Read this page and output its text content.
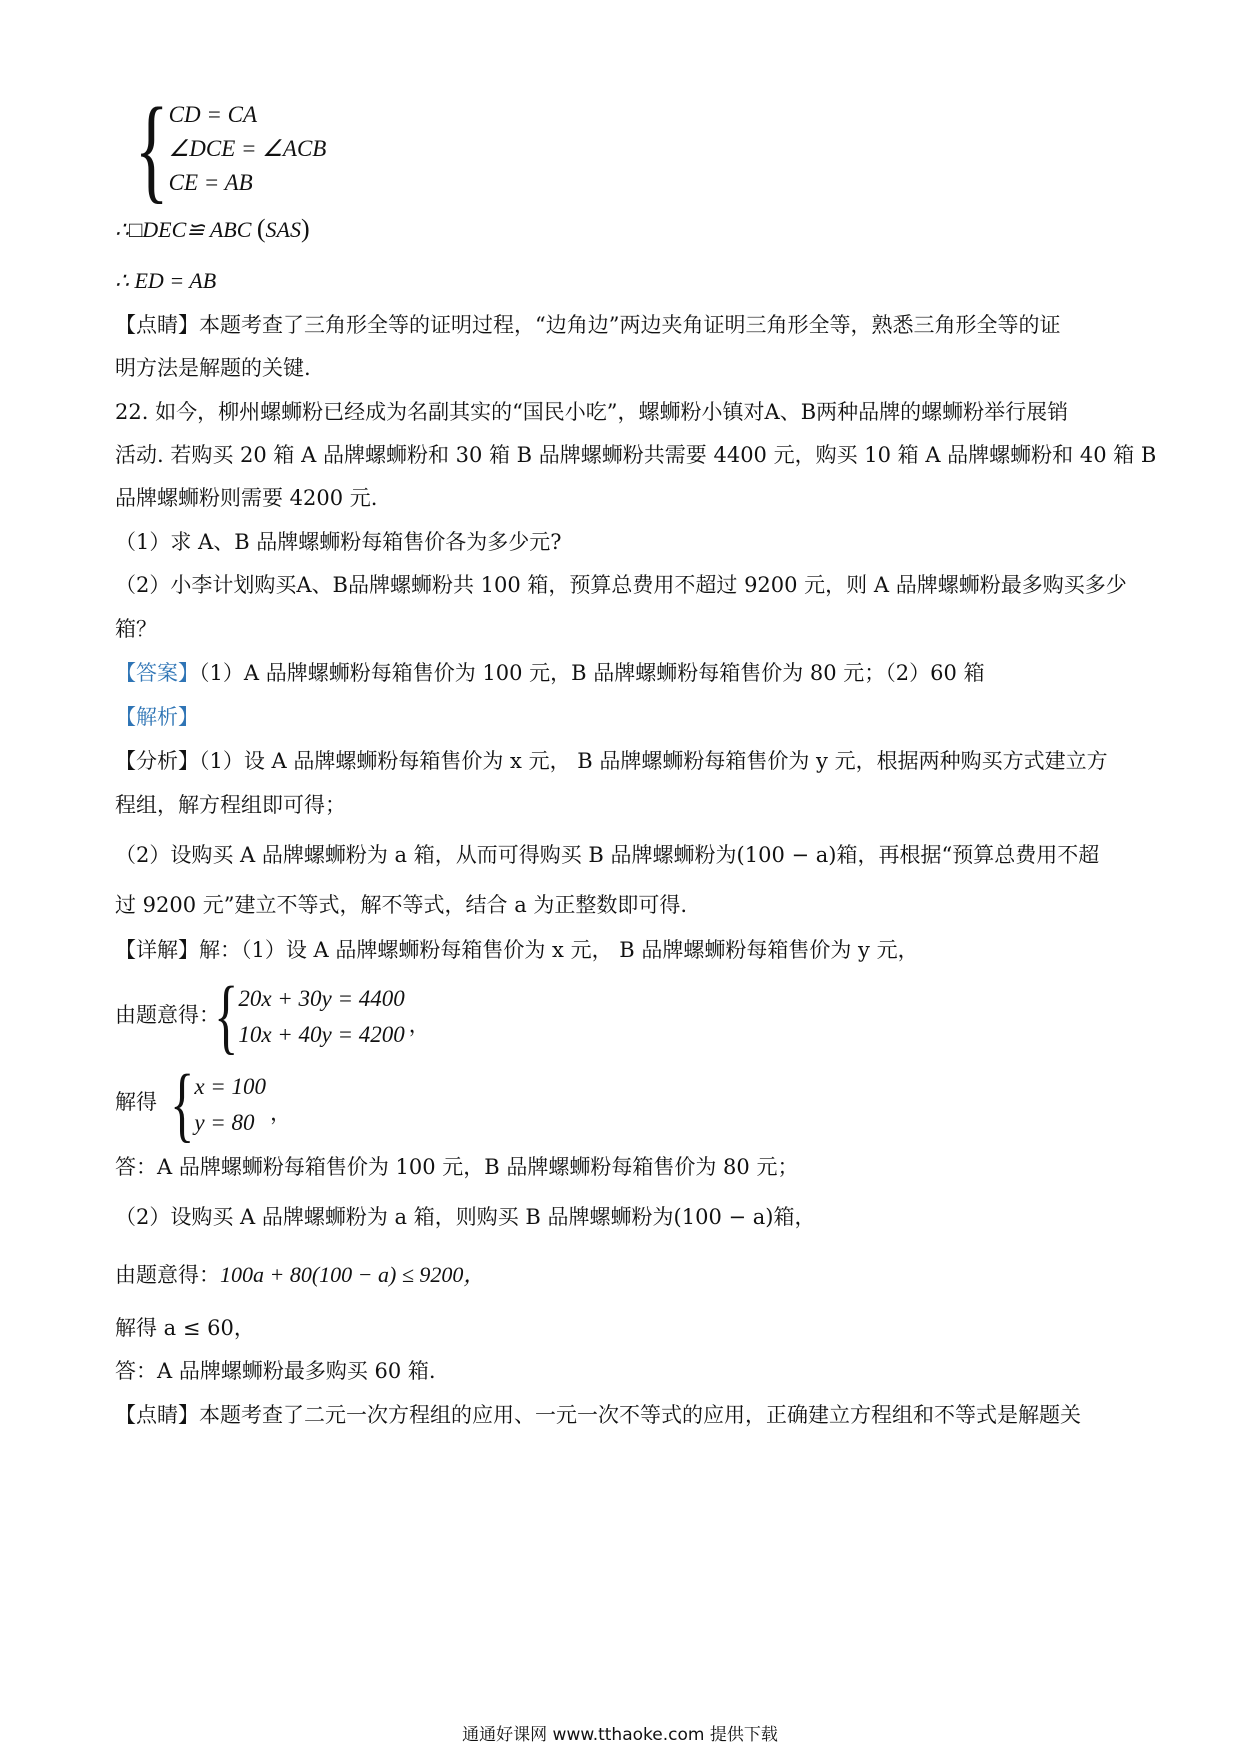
{ CD = CA
∠DCE = ∠ACB
CE = AB
∴□DEC≌ ABC (SAS)
∴ ED = AB
【点睛】本题考查了三角形全等的证明过程，“边角边”两边夹角证明三角形全等，熟悉三角形全等的证
明方法是解题的关键.
22. 如今，柳州螺蛳粉已经成为名副其实的“国民小吃”，螺蛳粉小镇对A、B两种品牌的螺蛳粉举行展销
活动. 若购买 20 箱 A 品牌螺蛳粉和 30 箱 B 品牌螺蛳粉共需要 4400 元，购买 10 箱 A 品牌螺蛳粉和 40 箱 B
品牌螺蛳粉则需要 4200 元.
（1）求 A、B 品牌螺蛳粉每箱售价各为多少元?
（2）小李计划购买A、B品牌螺蛳粉共 100 箱，预算总费用不超过 9200 元，则 A 品牌螺蛳粉最多购买多少
箱？
【答案】（1）A 品牌螺蛳粉每箱售价为 100 元，B 品牌螺蛳粉每箱售价为 80 元；（2）60 箱
【解析】
【分析】（1）设 A 品牌螺蛳粉每箱售价为 x 元， B 品牌螺蛳粉每箱售价为 y 元，根据两种购买方式建立方
程组，解方程组即可得；
（2）设购买 A 品牌螺蛳粉为 a 箱，从而可得购买 B 品牌螺蛳粉为(100 − a)箱，再根据“预算总费用不超
过 9200 元”建立不等式，解不等式，结合 a 为正整数即可得.
【详解】解：（1）设 A 品牌螺蛳粉每箱售价为 x 元， B 品牌螺蛳粉每箱售价为 y 元，
由题意得：
{ 20x + 30y = 4400
10x + 40y = 4200 ，
解得 { x = 100
y = 80 ，
答：A 品牌螺蛳粉每箱售价为 100 元，B 品牌螺蛳粉每箱售价为 80 元；
（2）设购买 A 品牌螺蛳粉为 a 箱，则购买 B 品牌螺蛳粉为(100 − a)箱，
由题意得：100a + 80(100 − a) ≤ 9200，
解得 a ≤ 60，
答：A 品牌螺蛳粉最多购买 60 箱.
【点睛】本题考查了二元一次方程组的应用、一元一次不等式的应用，正确建立方程组和不等式是解题关
通通好课网 www.tthaoke.com 提供下载
